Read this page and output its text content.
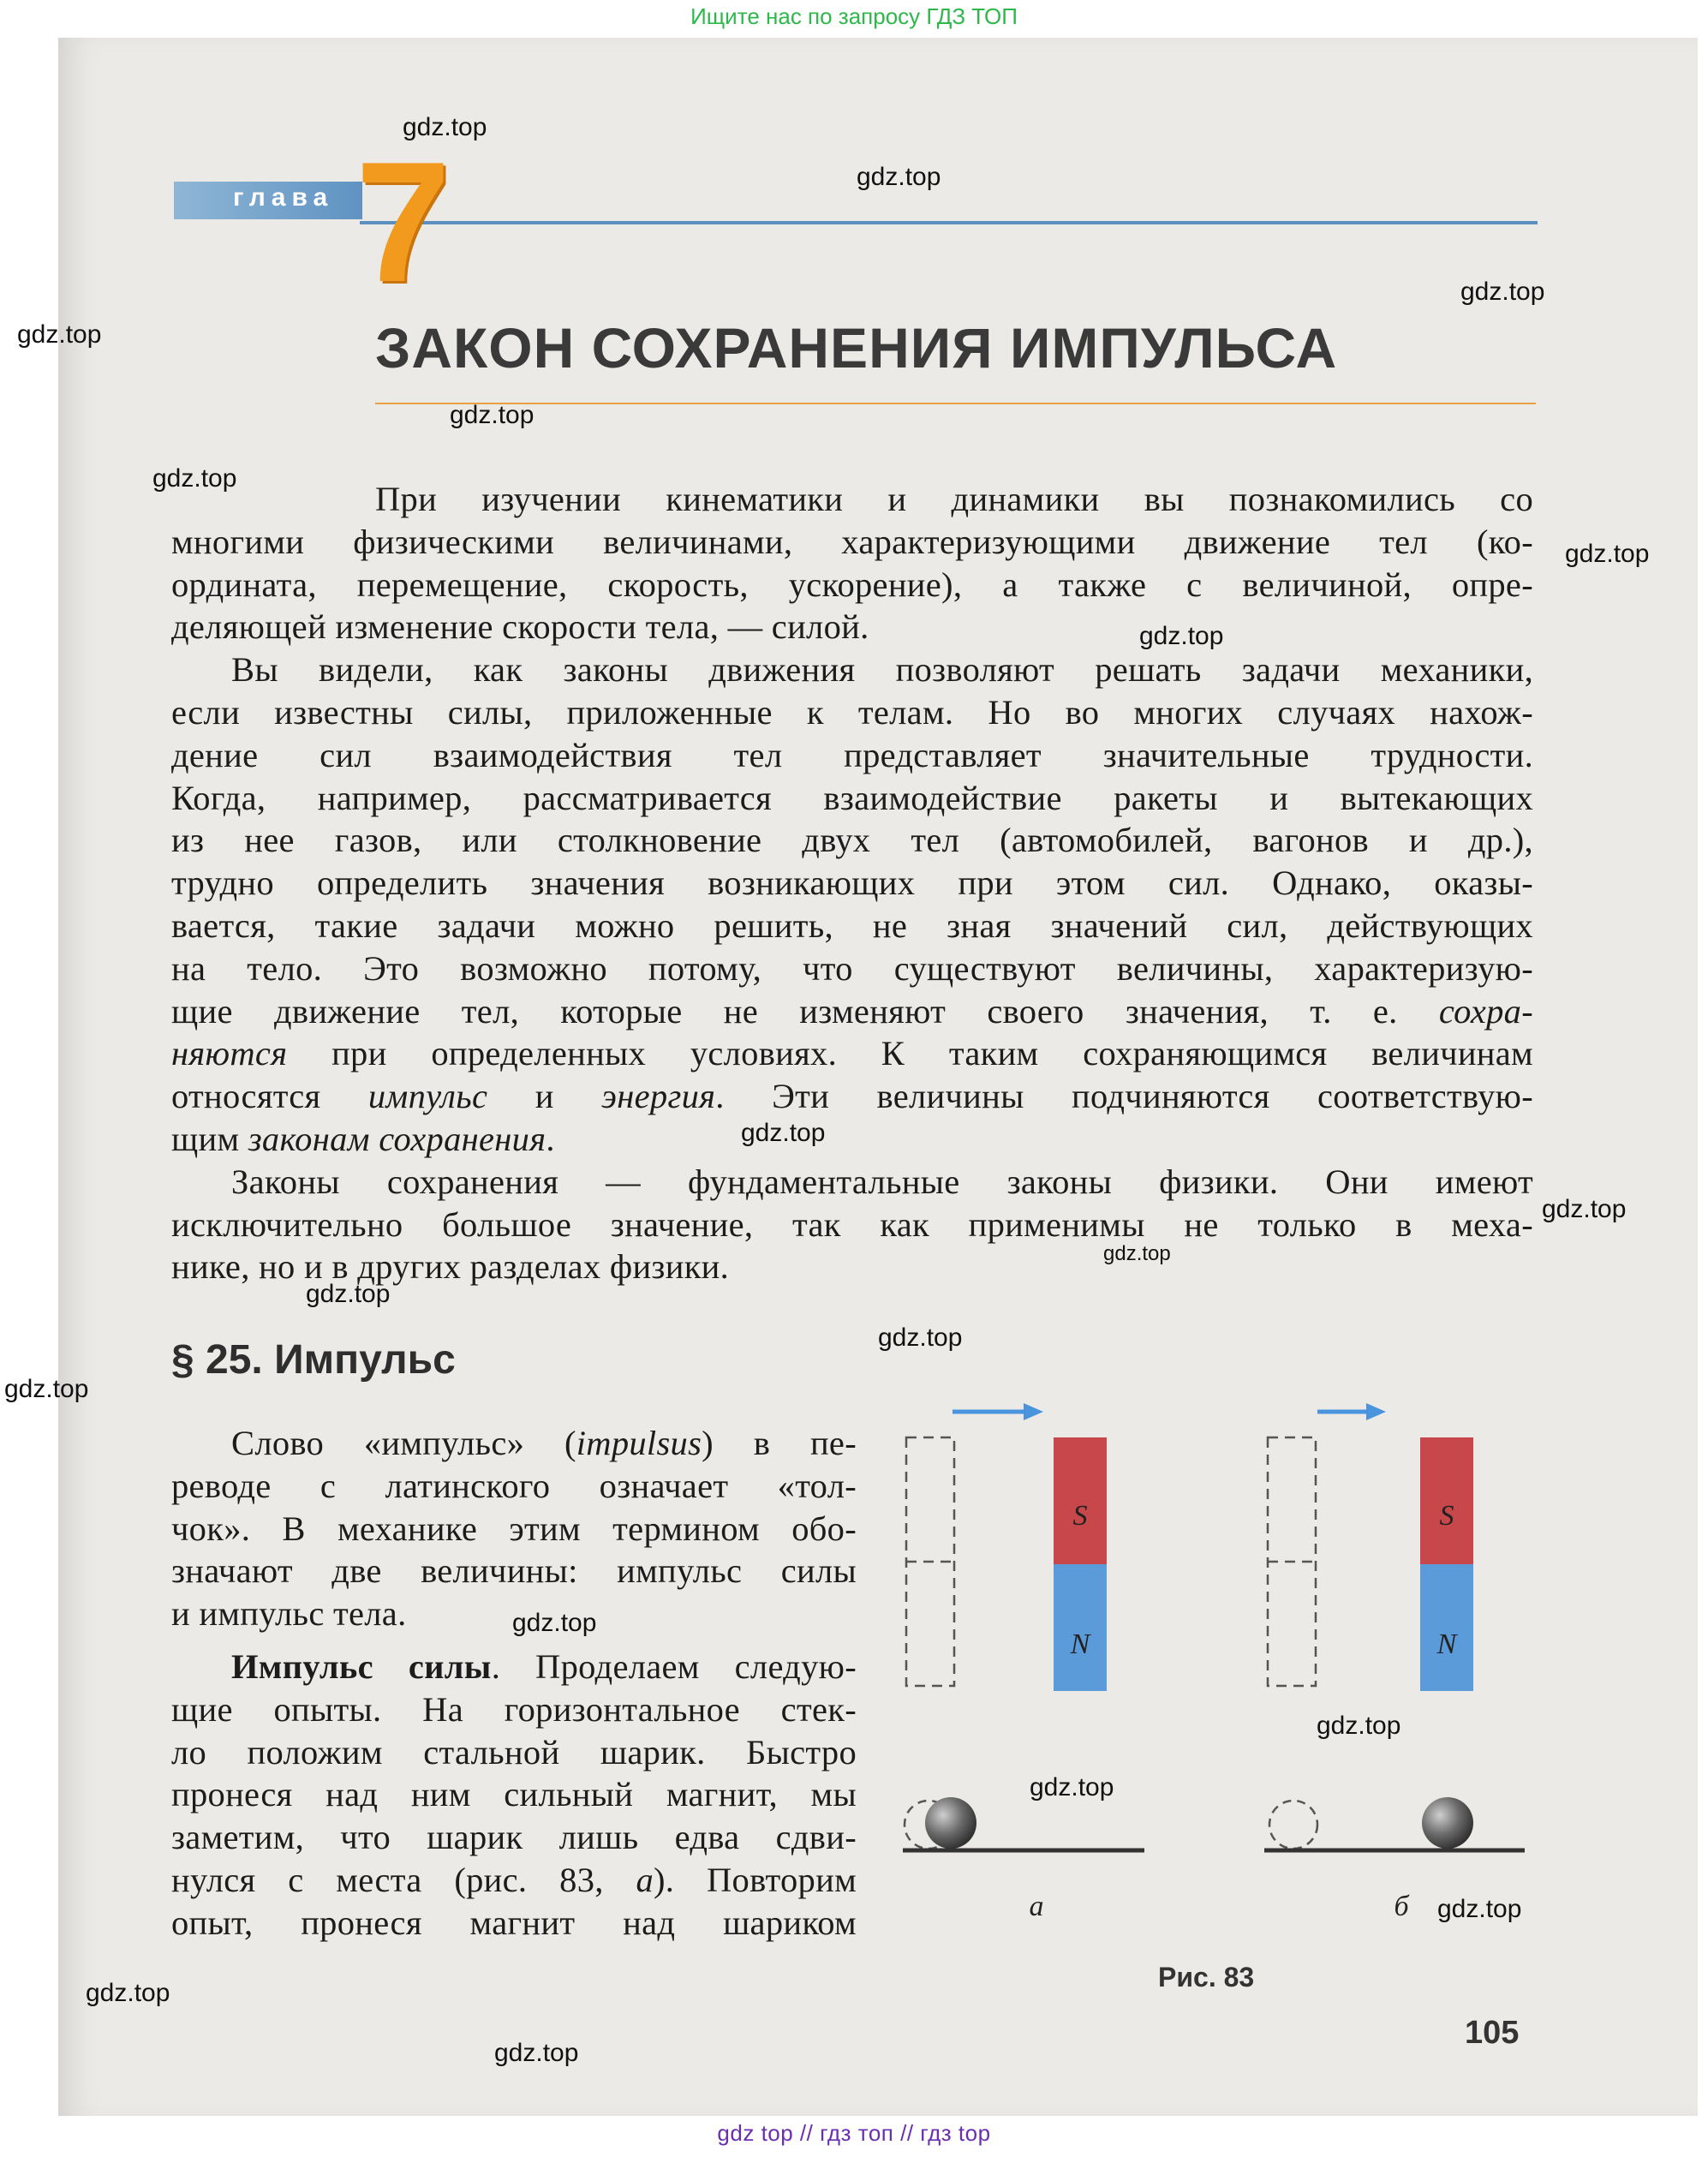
Ищите нас по запросу ГДЗ ТОП
глава 7
ЗАКОН СОХРАНЕНИЯ ИМПУЛЬСА

При изучении кинематики и динамики вы познакомились со
многими физическими величинами, характеризующими движение тел (ко-
ордината, перемещение, скорость, ускорение), а также с величиной, опре-
деляющей изменение скорости тела, — силой.

Вы видели, как законы движения позволяют решать задачи механики,
если известны силы, приложенные к телам. Но во многих случаях нахож-
дение сил взаимодействия тел представляет значительные трудности.
Когда, например, рассматривается взаимодействие ракеты и вытекающих
из нее газов, или столкновение двух тел (автомобилей, вагонов и др.),
трудно определить значения возникающих при этом сил. Однако, оказы-
вается, такие задачи можно решить, не зная значений сил, действующих
на тело. Это возможно потому, что существуют величины, характеризую-
щие движение тел, которые не изменяют своего значения, т. е. сохра-
няются при определенных условиях. К таким сохраняющимся величинам
относятся импульс и энергия. Эти величины подчиняются соответствую-
щим законам сохранения.

Законы сохранения — фундаментальные законы физики. Они имеют
исключительно большое значение, так как применимы не только в меха-
нике, но и в других разделах физики.

§ 25. Импульс

Слово «импульс» (impulsus) в пе-
реводе с латинского означает «тол-
чок». В механике этим термином обо-
значают две величины: импульс силы
и импульс тела.

Импульс силы. Проделаем следую-
щие опыты. На горизонтальное стек-
ло положим стальной шарик. Быстро
пронеся над ним сильный магнит, мы
заметим, что шарик лишь едва сдви-
нулся с места (рис. 83, а). Повторим
опыт, пронеся магнит над шариком

S
N
а
S
N
б
Рис. 83
105
gdz.top
gdz.top
gdz.top
gdz.top
gdz.top
gdz.top
gdz.top
gdz.top
gdz.top
gdz.top
gdz.top
gdz.top
gdz.top
gdz.top
gdz.top
gdz.top
gdz.top
gdz.top
gdz.top
gdz.top
gdz top // гдз топ // гдз top
